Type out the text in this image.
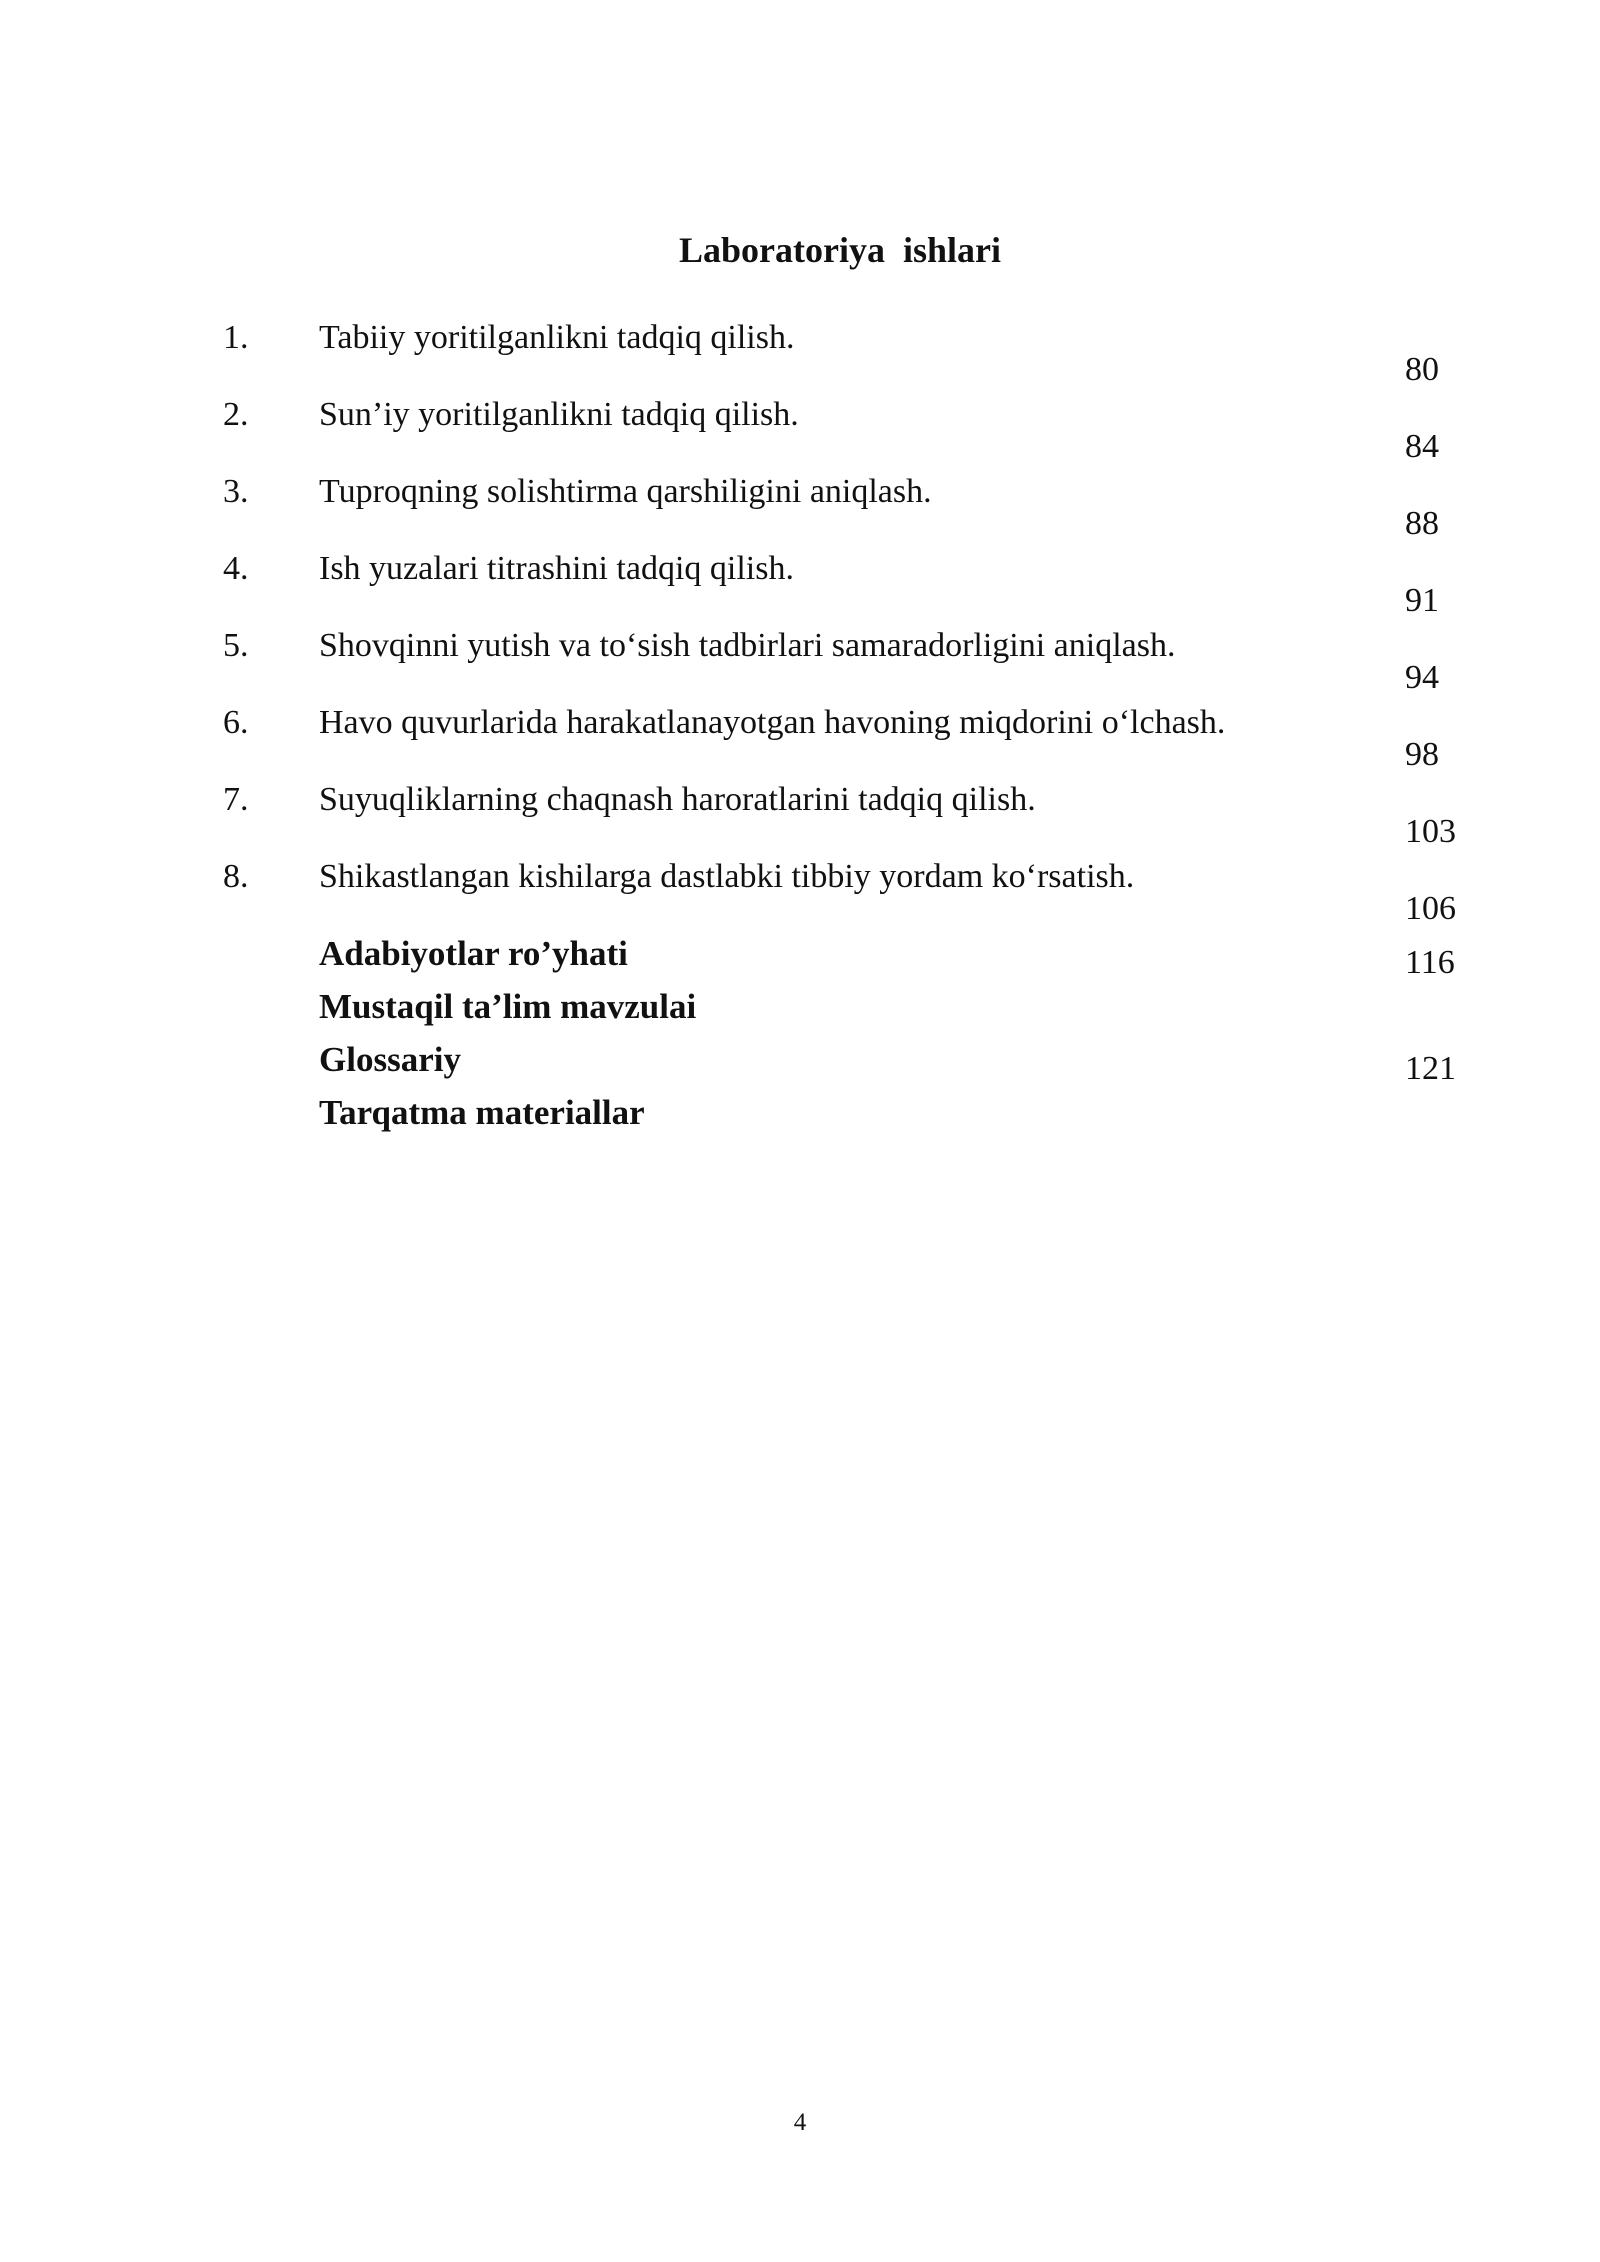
Laboratoriya  ishlari
1. Tabiiy yoritilganlikni tadqiq qilish.
80
2. Sun’iy yoritilganlikni tadqiq qilish.
84
3. Tuproqning solishtirma qarshiligini aniqlash.
88
4. Ish yuzalari titrashini tadqiq qilish.
91
5. Shovqinni yutish va to‘sish tadbirlari samaradorligini aniqlash.
94
6. Havo quvurlarida harakatlanayotgan havoning miqdorini o‘lchash.
98
7. Suyuqliklarning chaqnash haroratlarini tadqiq qilish.
103
8. Shikastlangan kishilarga dastlabki tibbiy yordam ko‘rsatish.
106
Adabiyotlar ro’yhati	116
Mustaqil ta’lim mavzulai
Glossariy	121
Tarqatma materiallar
4
